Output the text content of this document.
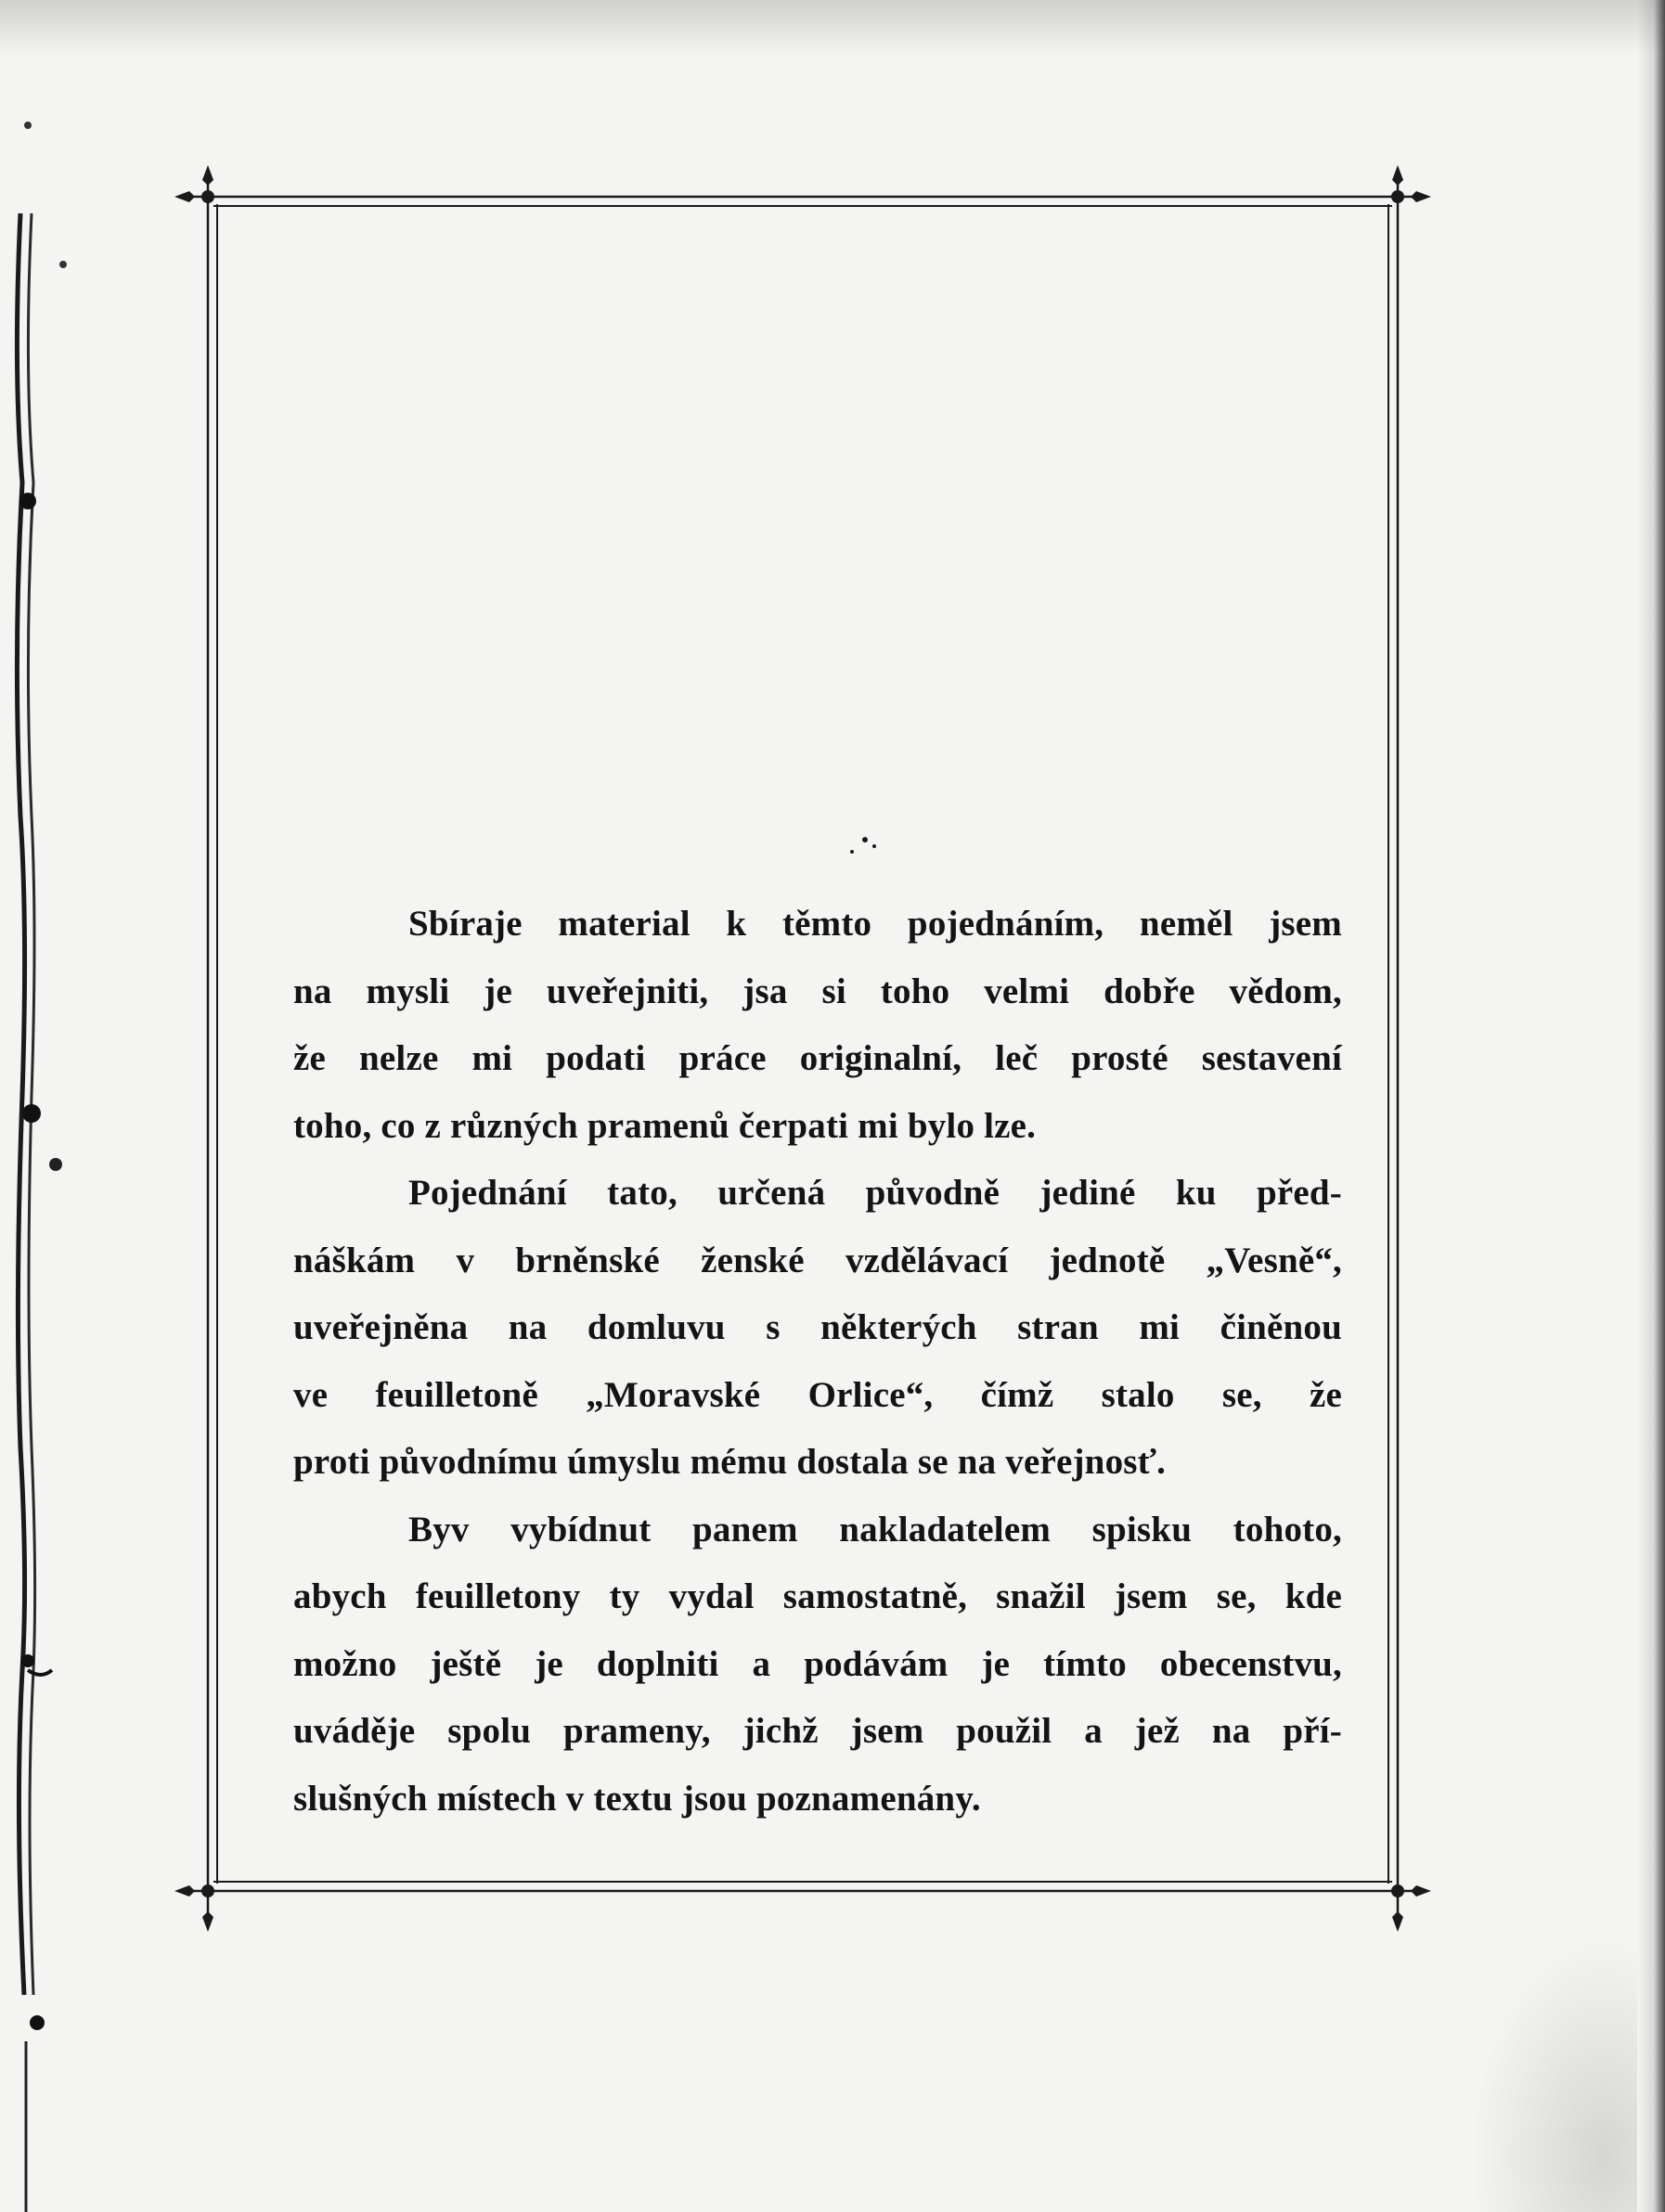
Sbíraje material k těmto pojednáním, neměl jsem
na mysli je uveřejniti, jsa si toho velmi dobře vědom,
že nelze mi podati práce originalní, leč prosté sestavení
toho, co z různých pramenů čerpati mi bylo lze.
Pojednání tato, určená původně jediné ku před-
náškám v brněnské ženské vzdělávací jednotě „Vesně“,
uveřejněna na domluvu s některých stran mi činěnou
ve feuilletoně „Moravské Orlice“, čímž stalo se, že
proti původnímu úmyslu mému dostala se na veřejnosť.
Byv vybídnut panem nakladatelem spisku tohoto,
abych feuilletony ty vydal samostatně, snažil jsem se, kde
možno ještě je doplniti a podávám je tímto obecenstvu,
uváděje spolu prameny, jichž jsem použil a jež na pří-
slušných místech v textu jsou poznamenány.
